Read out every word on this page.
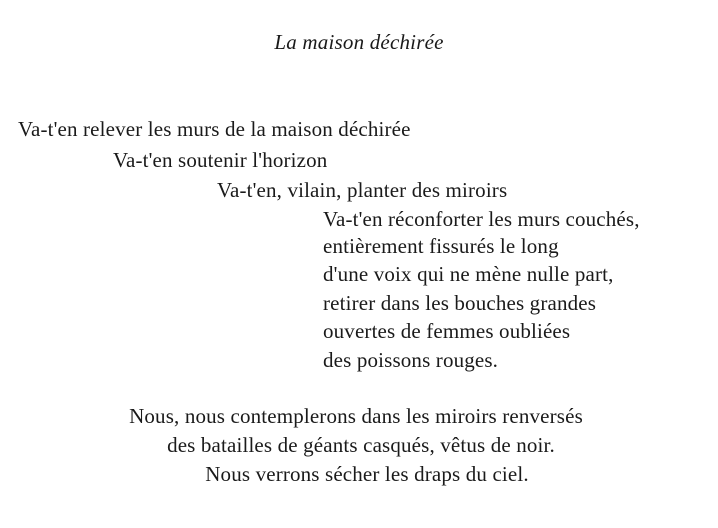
La maison déchirée
Va-t'en relever les murs de la maison déchirée
Va-t'en soutenir l'horizon
Va-t'en, vilain, planter des miroirs
Va-t'en réconforter les murs couchés,
entièrement fissurés le long
d'une voix qui ne mène nulle part,
retirer dans les bouches grandes
ouvertes de femmes oubliées
des poissons rouges.
Nous, nous contemplerons dans les miroirs renversés
des batailles de géants casqués, vêtus de noir.
Nous verrons sécher les draps du ciel.
